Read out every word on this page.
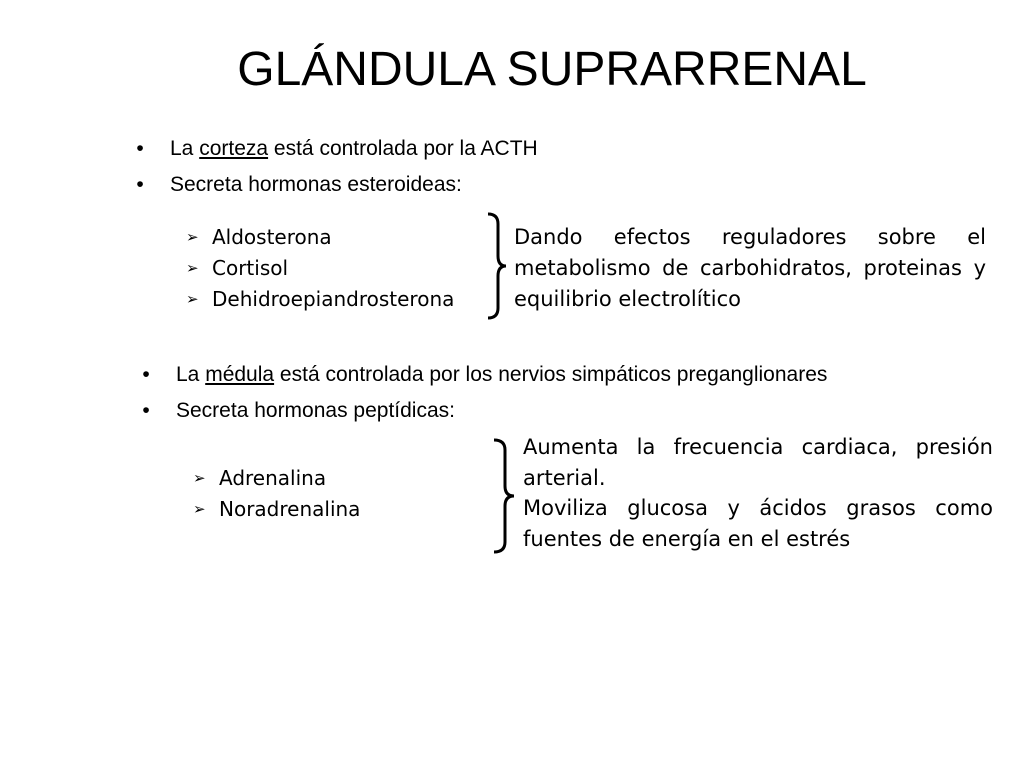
GLÁNDULA SUPRARRENAL
•	La corteza está controlada por la ACTH
•	Secreta hormonas esteroideas:
➢ Aldosterona
➢ Cortisol
➢ Dehidroepiandrosterona

Dando efectos reguladores sobre el metabolismo de carbohidratos, proteinas y equilibrio electrolítico

•	La médula está controlada por los nervios simpáticos preganglionares
•	Secreta hormonas peptídicas:
➢ Adrenalina
➢ Noradrenalina

Aumenta la frecuencia cardiaca, presión arterial.

Moviliza glucosa y ácidos grasos como fuentes de energía en el estrés
